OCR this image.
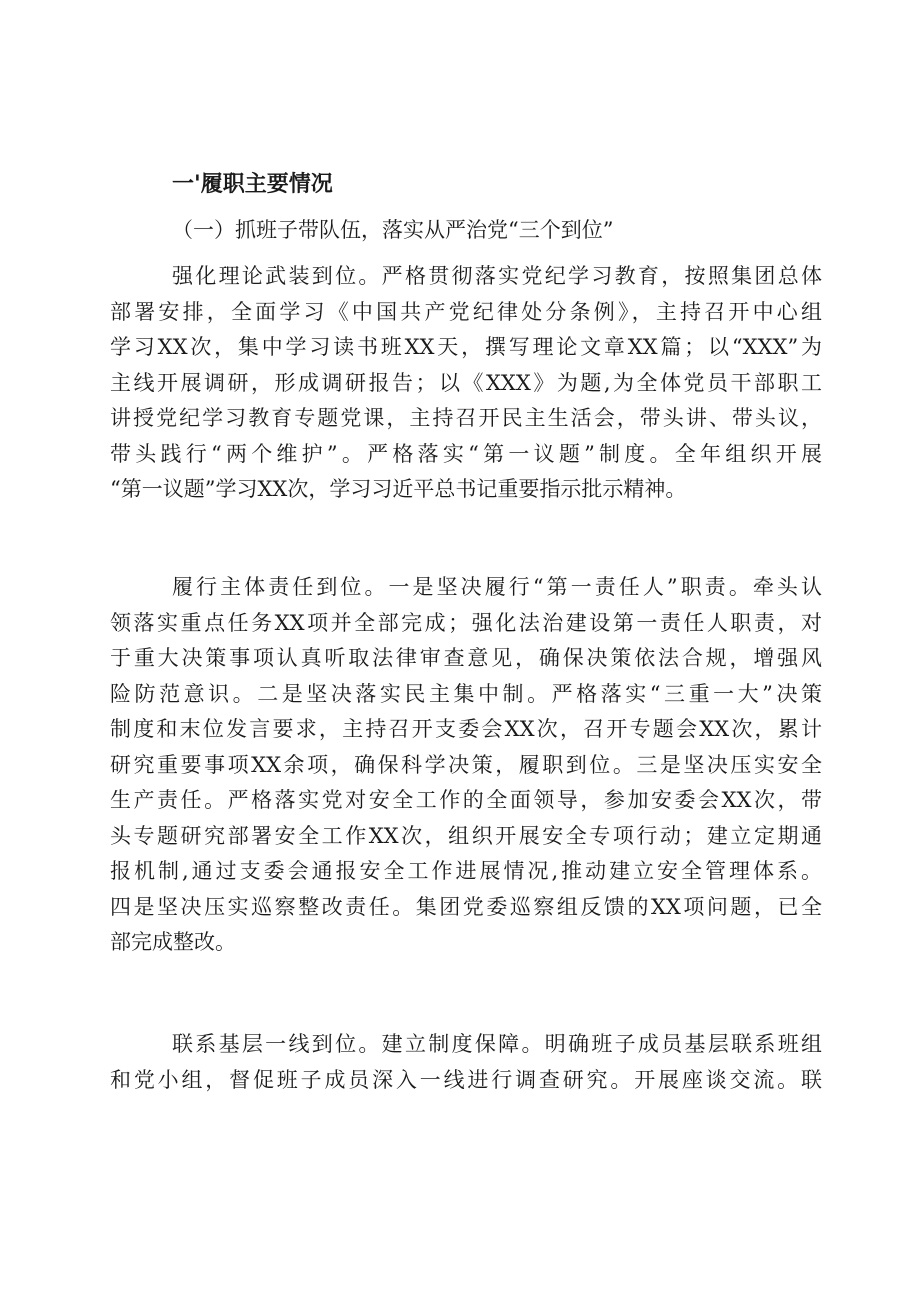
一'履职主要情况
（一）抓班子带队伍，落实从严治党“三个到位”
强化理论武装到位。严格贯彻落实党纪学习教育，按照集团总体
部署安排，全面学习《中国共产党纪律处分条例》，主持召开中心组
学习XX次，集中学习读书班XX天，撰写理论文章XX篇；以“XXX”为
主线开展调研，形成调研报告；以《XXX》为题,为全体党员干部职工
讲授党纪学习教育专题党课，主持召开民主生活会，带头讲、带头议，
带头践行“两个维护”。严格落实“第一议题”制度。全年组织开展
“第一议题”学习XX次，学习习近平总书记重要指示批示精神。
履行主体责任到位。一是坚决履行“第一责任人”职责。牵头认
领落实重点任务XX项并全部完成；强化法治建设第一责任人职责，对
于重大决策事项认真听取法律审查意见，确保决策依法合规，增强风
险防范意识。二是坚决落实民主集中制。严格落实“三重一大”决策
制度和末位发言要求，主持召开支委会XX次，召开专题会XX次，累计
研究重要事项XX余项，确保科学决策，履职到位。三是坚决压实安全
生产责任。严格落实党对安全工作的全面领导，参加安委会XX次，带
头专题研究部署安全工作XX次，组织开展安全专项行动；建立定期通
报机制,通过支委会通报安全工作进展情况,推动建立安全管理体系。
四是坚决压实巡察整改责任。集团党委巡察组反馈的XX项问题，已全
部完成整改。
联系基层一线到位。建立制度保障。明确班子成员基层联系班组
和党小组，督促班子成员深入一线进行调查研究。开展座谈交流。联
